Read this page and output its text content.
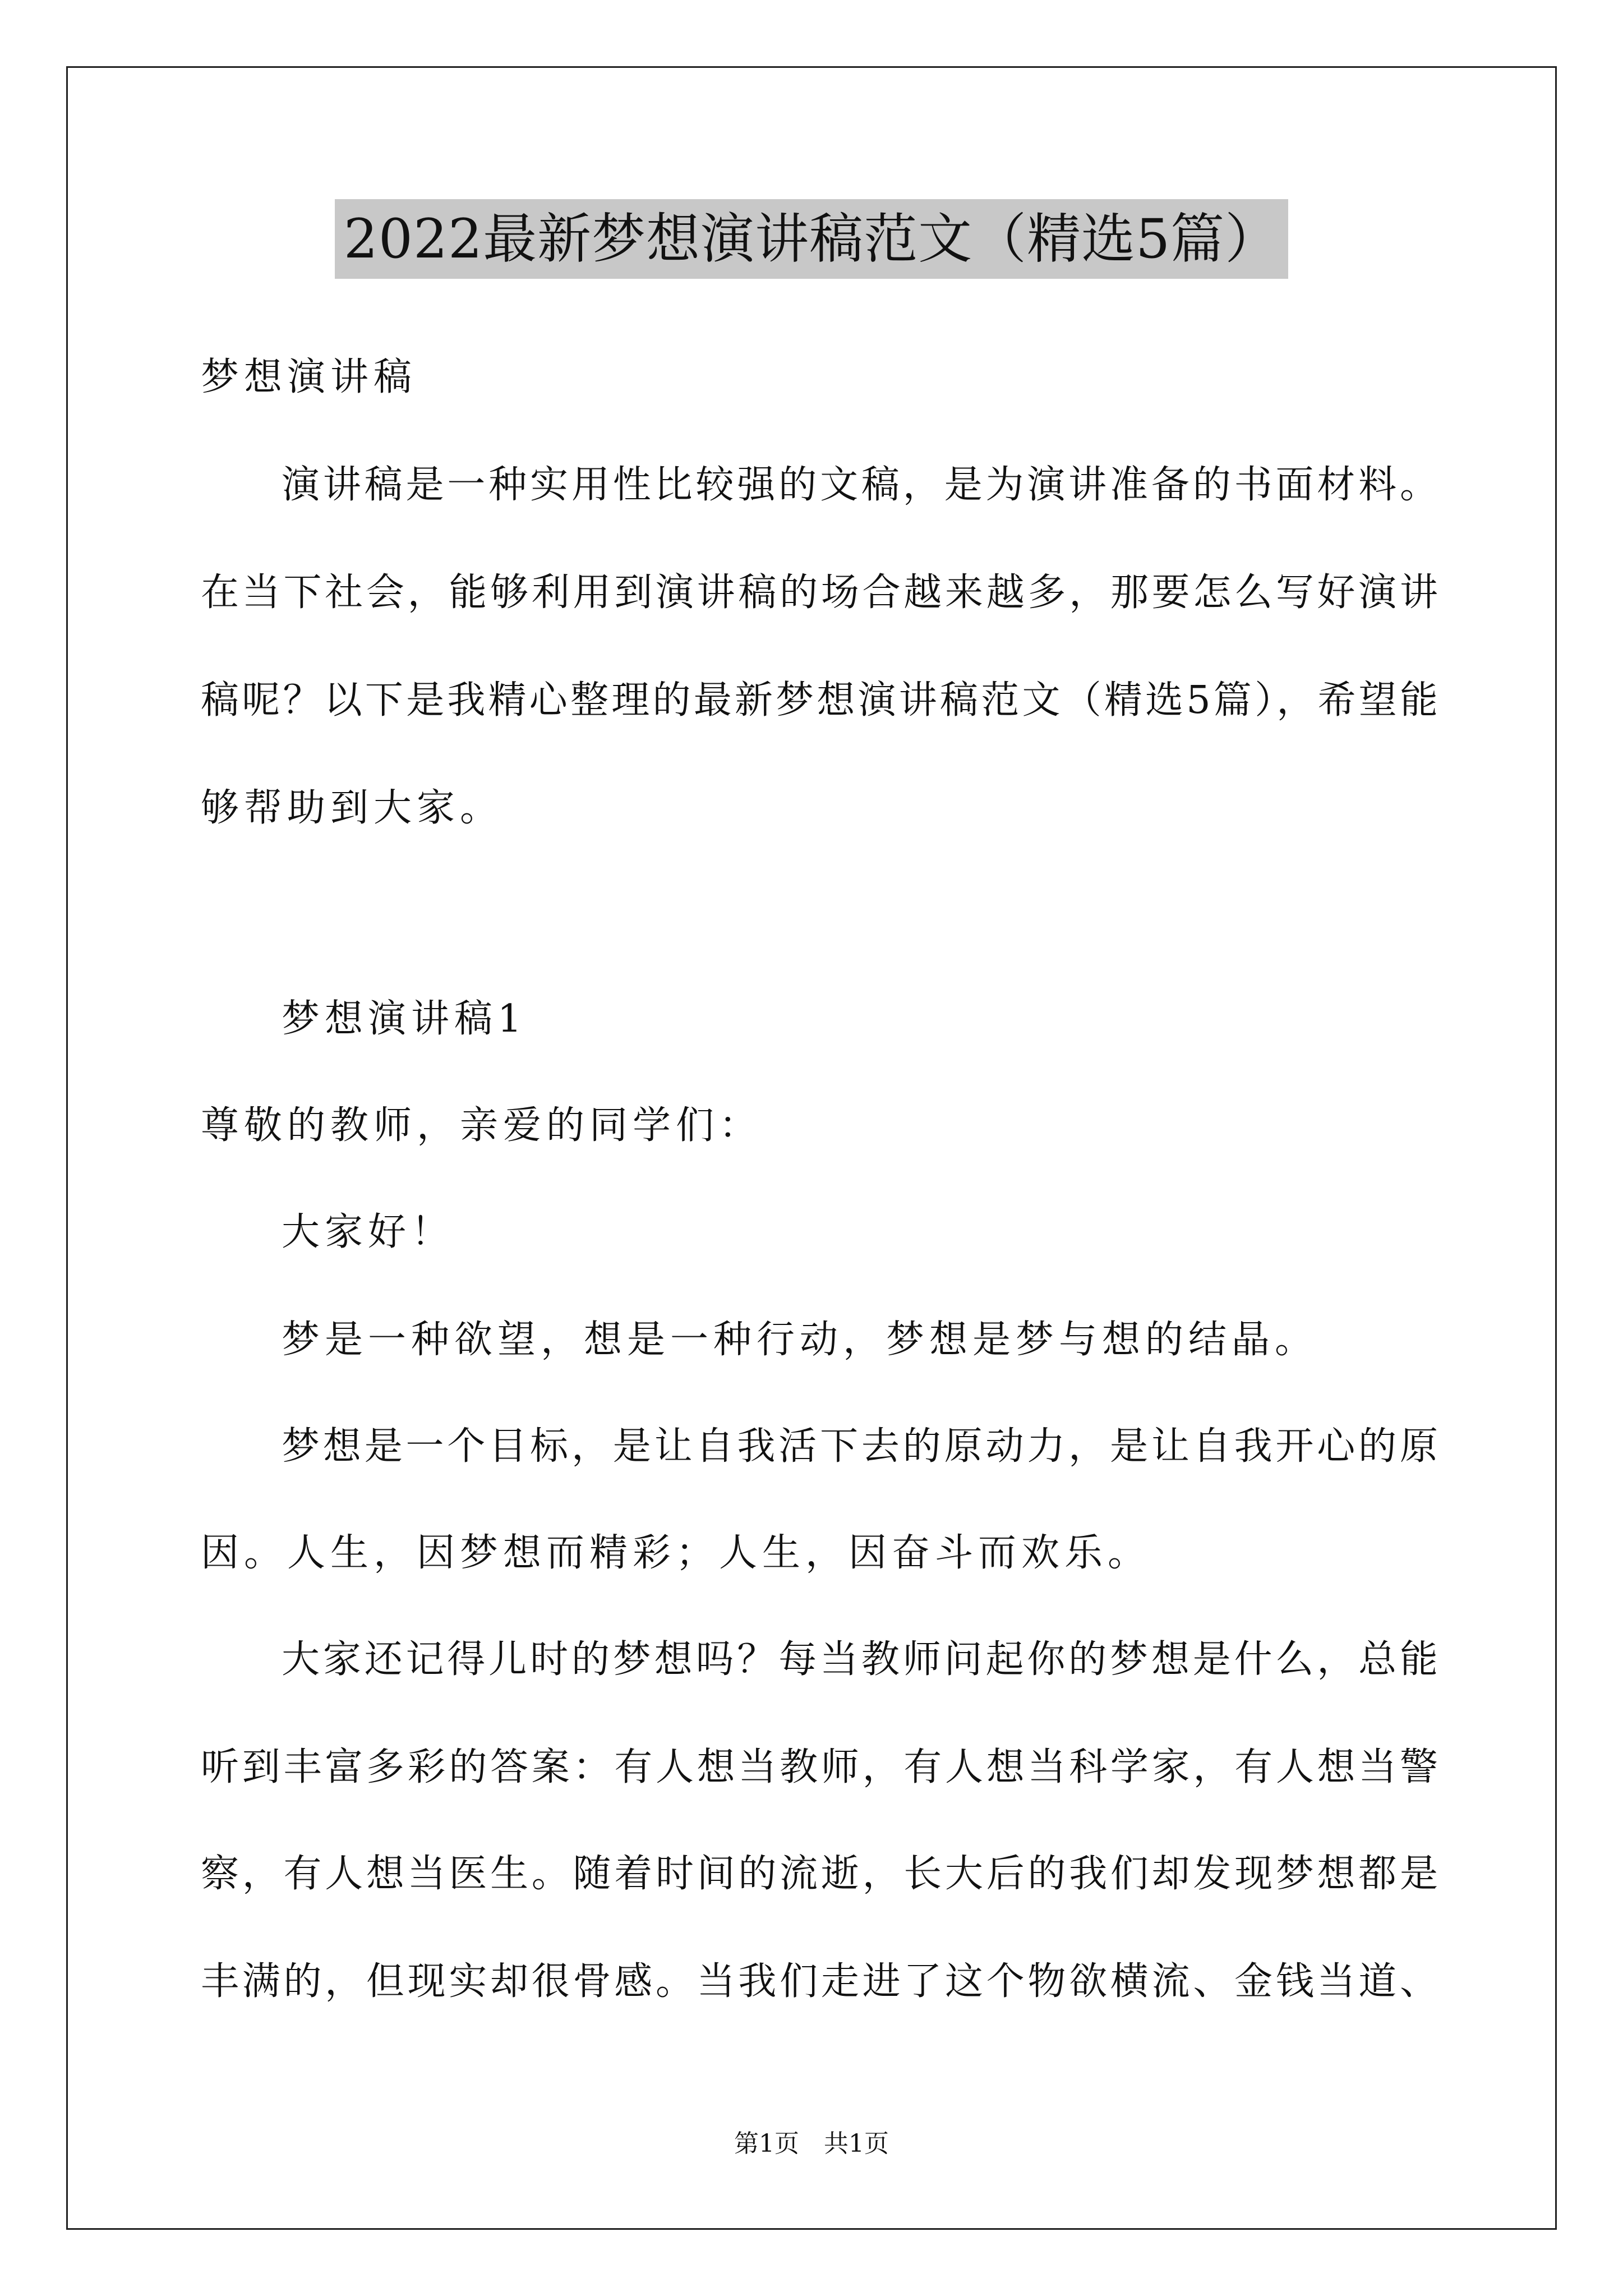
2022最新梦想演讲稿范文（精选5篇）
梦想演讲稿
演讲稿是一种实用性比较强的文稿，是为演讲准备的书面材料。
在当下社会，能够利用到演讲稿的场合越来越多，那要怎么写好演讲
稿呢？以下是我精心整理的最新梦想演讲稿范文（精选5篇），希望能
够帮助到大家。
梦想演讲稿1
尊敬的教师，亲爱的同学们：
大家好！
梦是一种欲望，想是一种行动，梦想是梦与想的结晶。
梦想是一个目标，是让自我活下去的原动力，是让自我开心的原
因。人生，因梦想而精彩；人生，因奋斗而欢乐。
大家还记得儿时的梦想吗？每当教师问起你的梦想是什么，总能
听到丰富多彩的答案：有人想当教师，有人想当科学家，有人想当警
察，有人想当医生。随着时间的流逝，长大后的我们却发现梦想都是
丰满的，但现实却很骨感。当我们走进了这个物欲横流、金钱当道、
第1页　共1页
